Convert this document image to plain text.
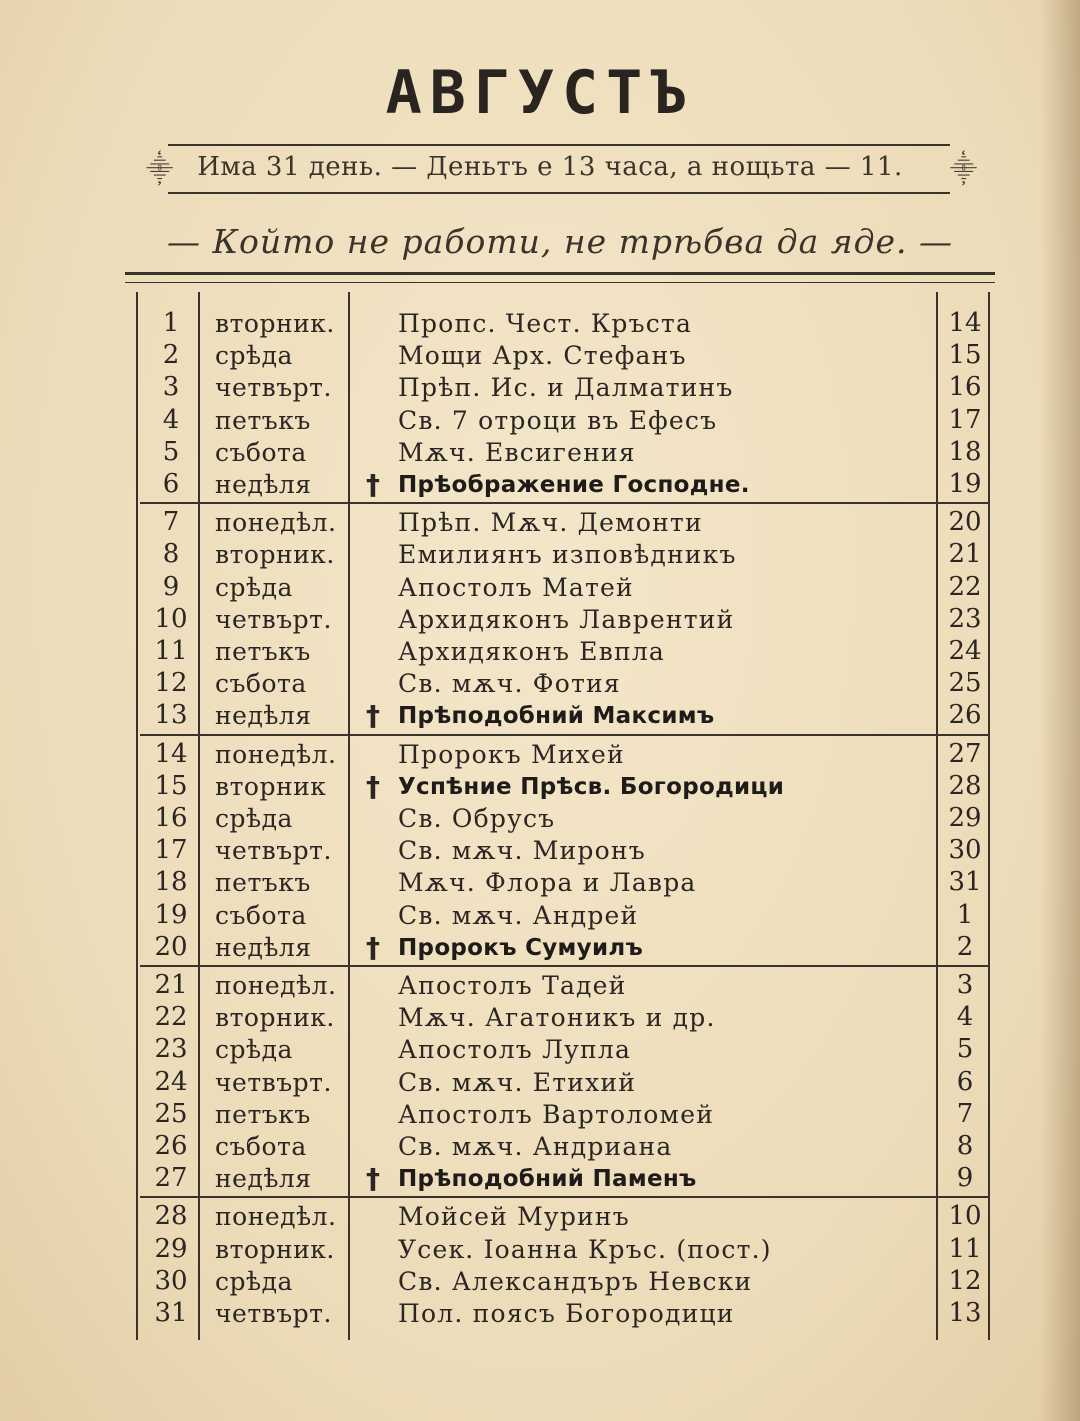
АВГУСТЪ
⸎ Има 31 день. — Деньтъ е 13 часа, а нощьта — 11.	⸎
— Който не работи, не трѣбва да яде. —
1	вторник.	Пропс. Чест. Кръста	14
2	срѣда	Мощи Арх. Стефанъ	15
3	четвърт.	Прѣп. Ис. и Далматинъ	16
4	петъкъ	Св. 7 отроци въ Ефесъ	17
5	събота	Мѫч. Евсигения	18
6	недѣля	† Прѣображение Господне.	19
7	понедѣл.	Прѣп. Мѫч. Демонти	20
8	вторник.	Емилиянъ изповѣдникъ	21
9	срѣда	Апостолъ Матей	22
10	четвърт.	Архидяконъ Лаврентий	23
11	петъкъ	Архидяконъ Евпла	24
12	събота	Св. мѫч. Фотия	25
13	недѣля	† Прѣподобний Максимъ	26
14	понедѣл.	Пророкъ Михей	27
15	вторник	† Успѣние Прѣсв. Богородици	28
16	срѣда	Св. Обрусъ	29
17	четвърт.	Св. мѫч. Миронъ	30
18	петъкъ	Мѫч. Флора и Лавра	31
19	събота	Св. мѫч. Андрей	1
20	недѣля	† Пророкъ Сумуилъ	2
21	понедѣл.	Апостолъ Тадей	3
22	вторник.	Мѫч. Агатоникъ и др.	4
23	срѣда	Апостолъ Лупла	5
24	четвърт.	Св. мѫч. Етихий	6
25	петъкъ	Апостолъ Вартоломей	7
26	събота	Св. мѫч. Андриана	8
27	недѣля	† Прѣподобний Паменъ	9
28	понедѣл.	Мойсей Муринъ	10
29	вторник.	Усек. Іоанна Кръс. (пост.)	11
30	срѣда	Св. Александъръ Невски	12
31	четвърт.	Пол. поясъ Богородици	13
